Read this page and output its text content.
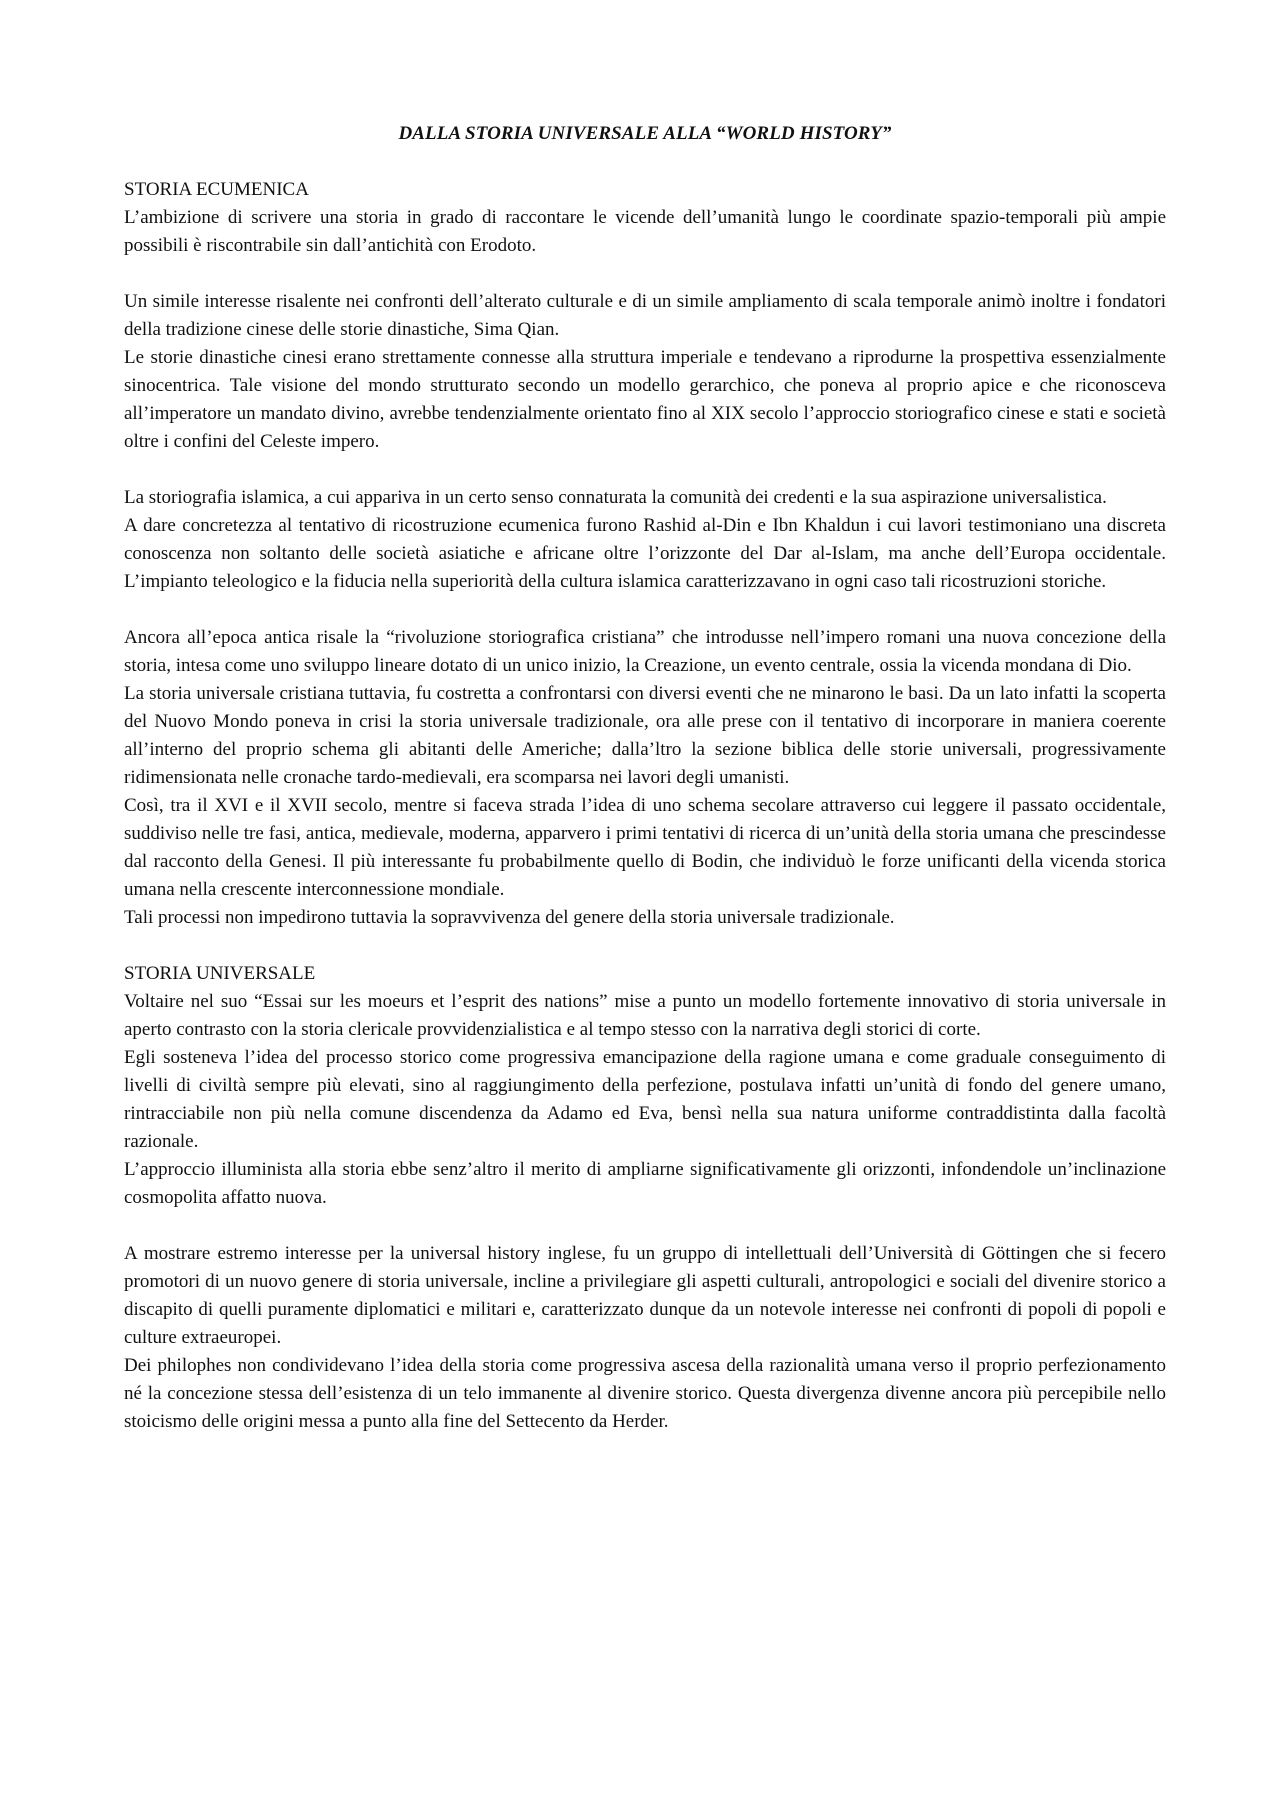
DALLA STORIA UNIVERSALE ALLA “WORLD HISTORY”
STORIA ECUMENICA

L’ambizione di scrivere una storia in grado di raccontare le vicende dell’umanità lungo le coordinate spazio-temporali più ampie possibili è riscontrabile sin dall’antichità con Erodoto.

Un simile interesse risalente nei confronti dell’alterato culturale e di un simile ampliamento di scala temporale animò inoltre i fondatori della tradizione cinese delle storie dinastiche, Sima Qian.

Le storie dinastiche cinesi erano strettamente connesse alla struttura imperiale e tendevano a riprodurne la prospettiva essenzialmente sinocentrica. Tale visione del mondo strutturato secondo un modello gerarchico, che poneva al proprio apice e che riconosceva all’imperatore un mandato divino, avrebbe tendenzialmente orientato fino al XIX secolo l’approccio storiografico cinese e stati e società oltre i confini del Celeste impero.

La storiografia islamica, a cui appariva in un certo senso connaturata la comunità dei credenti e la sua aspirazione universalistica.

A dare concretezza al tentativo di ricostruzione ecumenica furono Rashid al-Din e Ibn Khaldun i cui lavori testimoniano una discreta conoscenza non soltanto delle società asiatiche e africane oltre l’orizzonte del Dar al-Islam, ma anche dell’Europa occidentale. L’impianto teleologico e la fiducia nella superiorità della cultura islamica caratterizzavano in ogni caso tali ricostruzioni storiche.

Ancora all’epoca antica risale la “rivoluzione storiografica cristiana” che introdusse nell’impero romani una nuova concezione della storia, intesa come uno sviluppo lineare dotato di un unico inizio, la Creazione, un evento centrale, ossia la vicenda mondana di Dio.

La storia universale cristiana tuttavia, fu costretta a confrontarsi con diversi eventi che ne minarono le basi. Da un lato infatti la scoperta del Nuovo Mondo poneva in crisi la storia universale tradizionale, ora alle prese con il tentativo di incorporare in maniera coerente all’interno del proprio schema gli abitanti delle Americhe; dalla’ltro la sezione biblica delle storie universali, progressivamente ridimensionata nelle cronache tardo-medievali, era scomparsa nei lavori degli umanisti.

Così, tra il XVI e il XVII secolo, mentre si faceva strada l’idea di uno schema secolare attraverso cui leggere il passato occidentale, suddiviso nelle tre fasi, antica, medievale, moderna, apparvero i primi tentativi di ricerca di un’unità della storia umana che prescindesse dal racconto della Genesi. Il più interessante fu probabilmente quello di Bodin, che individuò le forze unificanti della vicenda storica umana nella crescente interconnessione mondiale.

Tali processi non impedirono tuttavia la sopravvivenza del genere della storia universale tradizionale.

STORIA UNIVERSALE

Voltaire nel suo “Essai sur les moeurs et l’esprit des nations” mise a punto un modello fortemente innovativo di storia universale in aperto contrasto con la storia clericale provvidenzialistica e al tempo stesso con la narrativa degli storici di corte.

Egli sosteneva l’idea del processo storico come progressiva emancipazione della ragione umana e come graduale conseguimento di livelli di civiltà sempre più elevati, sino al raggiungimento della perfezione, postulava infatti un’unità di fondo del genere umano, rintracciabile non più nella comune discendenza da Adamo ed Eva, bensì nella sua natura uniforme contraddistinta dalla facoltà razionale.

L’approccio illuminista alla storia ebbe senz’altro il merito di ampliarne significativamente gli orizzonti, infondendole un’inclinazione cosmopolita affatto nuova.

A mostrare estremo interesse per la universal history inglese, fu un gruppo di intellettuali dell’Università di Göttingen che si fecero promotori di un nuovo genere di storia universale, incline a privilegiare gli aspetti culturali, antropologici e sociali del divenire storico a discapito di quelli puramente diplomatici e militari e, caratterizzato dunque da un notevole interesse nei confronti di popoli di popoli e culture extraeuropei.

Dei philophes non condividevano l’idea della storia come progressiva ascesa della razionalità umana verso il proprio perfezionamento né la concezione stessa dell’esistenza di un telo immanente al divenire storico. Questa divergenza divenne ancora più percepibile nello stoicismo delle origini messa a punto alla fine del Settecento da Herder.
